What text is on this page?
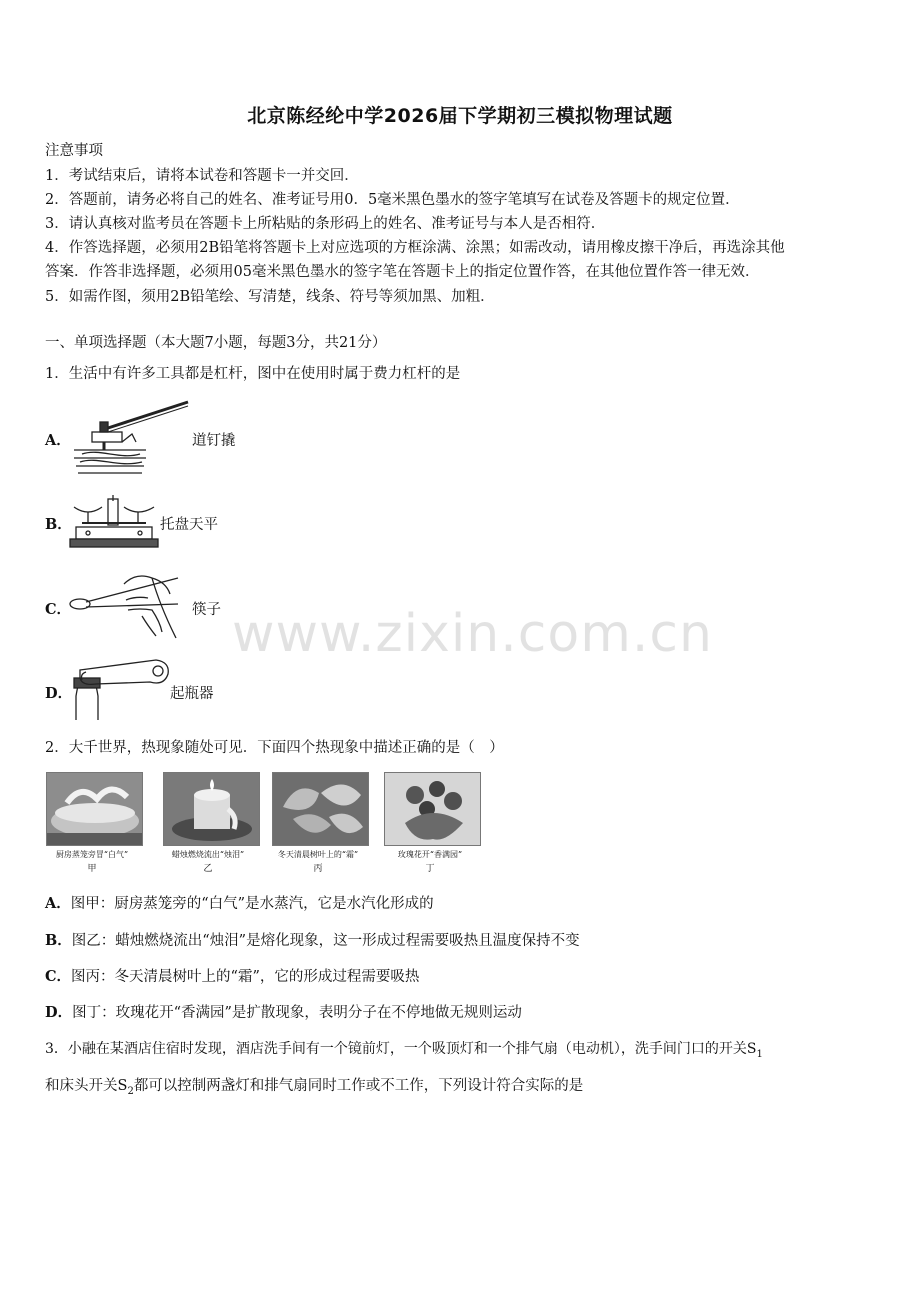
北京陈经纶中学2026届下学期初三模拟物理试题
注意事项
1．考试结束后，请将本试卷和答题卡一并交回．
2．答题前，请务必将自己的姓名、准考证号用0．5毫米黑色墨水的签字笔填写在试卷及答题卡的规定位置．
3．请认真核对监考员在答题卡上所粘贴的条形码上的姓名、准考证号与本人是否相符．
4．作答选择题，必须用2B铅笔将答题卡上对应选项的方框涂满、涂黑；如需改动，请用橡皮擦干净后，再选涂其他
答案．作答非选择题，必须用05毫米黑色墨水的签字笔在答题卡上的指定位置作答，在其他位置作答一律无效．
5．如需作图，须用2B铅笔绘、写清楚，线条、符号等须加黑、加粗．
一、单项选择题（本大题7小题，每题3分，共21分）
1．生活中有许多工具都是杠杆，图中在使用时属于费力杠杆的是
A．	道钉撬
B．	托盘天平
C．	筷子
D．	起瓶器
2．大千世界，热现象随处可见．下面四个热现象中描述正确的是（　）
厨房蒸笼旁冒“白气”	蜡烛燃烧流出“烛泪”	冬天清晨树叶上的“霜”	玫瑰花开“香满园”
甲	乙	丙	丁
A．图甲：厨房蒸笼旁的“白气”是水蒸汽，它是水汽化形成的
B．图乙：蜡烛燃烧流出“烛泪”是熔化现象，这一形成过程需要吸热且温度保持不变
C．图丙：冬天清晨树叶上的“霜”，它的形成过程需要吸热
D．图丁：玫瑰花开“香满园”是扩散现象，表明分子在不停地做无规则运动
3．小融在某酒店住宿时发现，酒店洗手间有一个镜前灯，一个吸顶灯和一个排气扇（电动机），洗手间门口的开关$S_1$
和床头开关$S_2$都可以控制两盏灯和排气扇同时工作或不工作，下列设计符合实际的是
www.zixin.com.cn
